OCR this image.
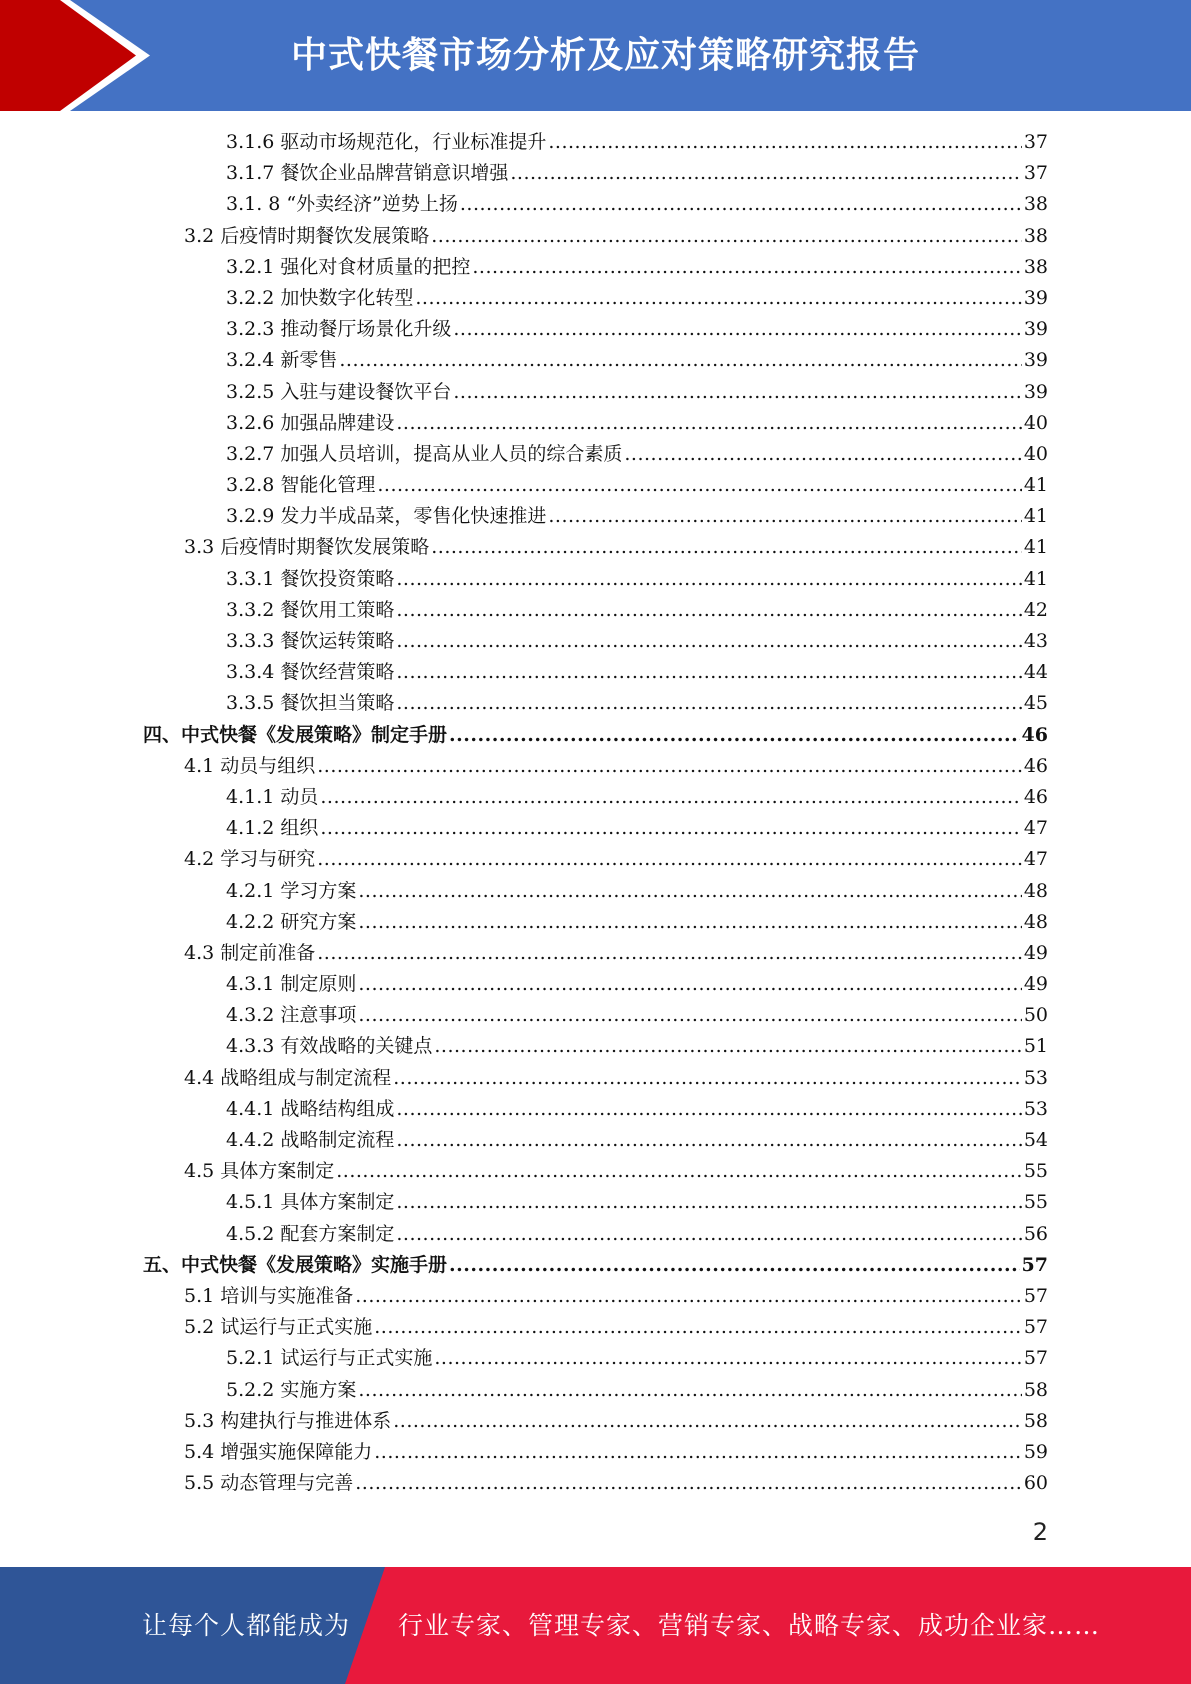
中式快餐市场分析及应对策略研究报告
3.1.6 驱动市场规范化，行业标准提升 .....	37
3.1.7 餐饮企业品牌营销意识增强 .....	37
3.1. 8 “外卖经济”逆势上扬 .....	38
3.2 后疫情时期餐饮发展策略 .....	38
3.2.1 强化对食材质量的把控 .....	38
3.2.2 加快数字化转型 .....	39
3.2.3 推动餐厅场景化升级 .....	39
3.2.4 新零售 .....	39
3.2.5 入驻与建设餐饮平台 .....	39
3.2.6 加强品牌建设 .....	40
3.2.7 加强人员培训，提高从业人员的综合素质 .....	40
3.2.8 智能化管理 .....	41
3.2.9 发力半成品菜，零售化快速推进 .....	41
3.3 后疫情时期餐饮发展策略 .....	41
3.3.1 餐饮投资策略 .....	41
3.3.2 餐饮用工策略 .....	42
3.3.3 餐饮运转策略 .....	43
3.3.4 餐饮经营策略 .....	44
3.3.5 餐饮担当策略 .....	45
四、中式快餐《发展策略》制定手册 .....	46
4.1 动员与组织 .....	46
4.1.1 动员 .....	46
4.1.2 组织 .....	47
4.2 学习与研究 .....	47
4.2.1 学习方案 .....	48
4.2.2 研究方案 .....	48
4.3 制定前准备 .....	49
4.3.1 制定原则 .....	49
4.3.2 注意事项 .....	50
4.3.3 有效战略的关键点 .....	51
4.4 战略组成与制定流程 .....	53
4.4.1 战略结构组成 .....	53
4.4.2 战略制定流程 .....	54
4.5 具体方案制定 .....	55
4.5.1 具体方案制定 .....	55
4.5.2 配套方案制定 .....	56
五、中式快餐《发展策略》实施手册 .....	57
5.1 培训与实施准备 .....	57
5.2 试运行与正式实施 .....	57
5.2.1 试运行与正式实施 .....	57
5.2.2 实施方案 .....	58
5.3 构建执行与推进体系 .....	58
5.4 增强实施保障能力 .....	59
5.5 动态管理与完善 .....	60
2
让每个人都能成为 行业专家、管理专家、营销专家、战略专家、成功企业家……
